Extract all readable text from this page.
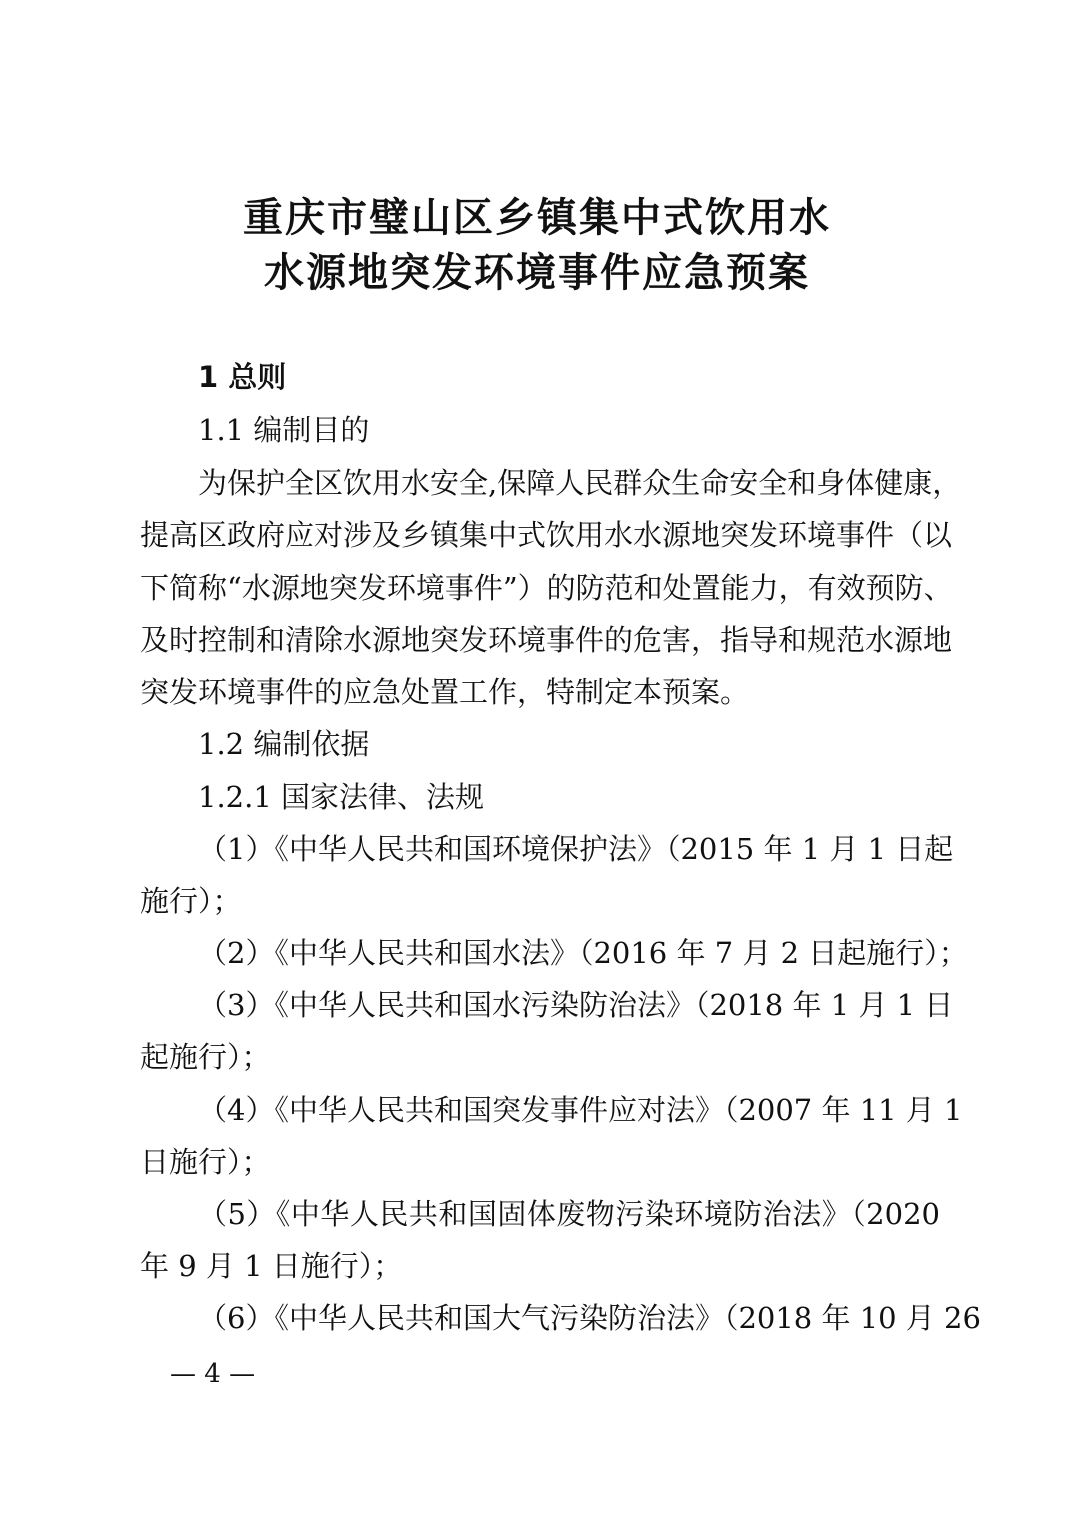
重庆市璧山区乡镇集中式饮用水
水源地突发环境事件应急预案
1 总则
1.1 编制目的
为保护全区饮用水安全,保障人民群众生命安全和身体健康，
提高区政府应对涉及乡镇集中式饮用水水源地突发环境事件（以
下简称“水源地突发环境事件”）的防范和处置能力，有效预防、
及时控制和清除水源地突发环境事件的危害，指导和规范水源地
突发环境事件的应急处置工作，特制定本预案。
1.2 编制依据
1.2.1 国家法律、法规
（1）《中华人民共和国环境保护法》（2015 年 1 月 1 日起
施行）；
（2）《中华人民共和国水法》（2016 年 7 月 2 日起施行）；
（3）《中华人民共和国水污染防治法》（2018 年 1 月 1 日
起施行）；
（4）《中华人民共和国突发事件应对法》（2007 年 11 月 1
日施行）；
（5）《中华人民共和国固体废物污染环境防治法》（2020
年 9 月 1 日施行）；
（6）《中华人民共和国大气污染防治法》（2018 年 10 月 26
— 4 —
